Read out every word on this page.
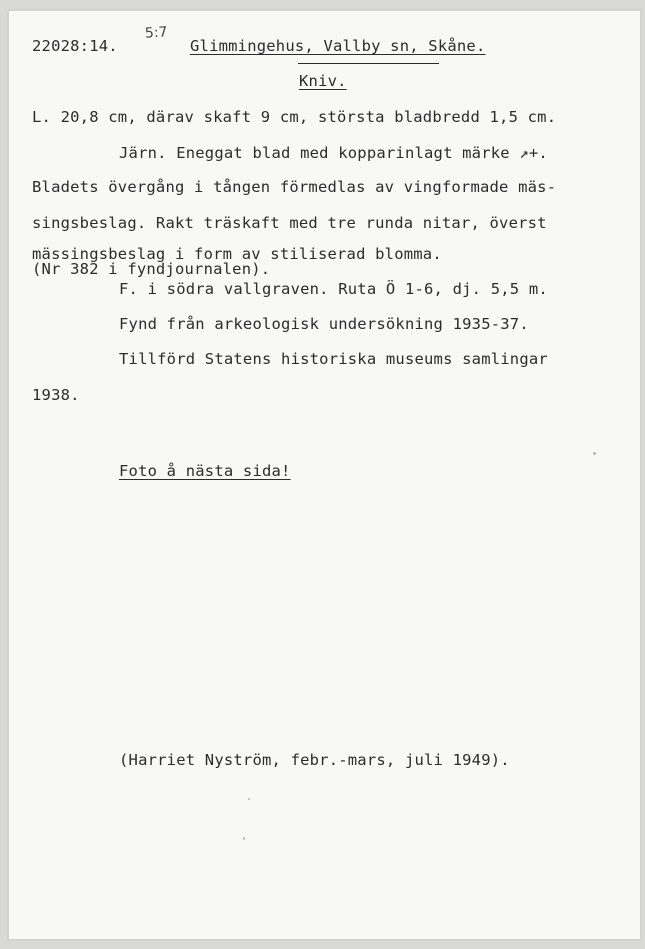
22028:14.
5:7
Glimmingehus, Vallby sn, Skåne.
Kniv.
L. 20,8 cm, därav skaft 9 cm, största bladbredd 1,5 cm.
Järn. Eneggat blad med kopparinlagt märke ↗+.
Bladets övergång i tången förmedlas av vingformade mäs-
singsbeslag. Rakt träskaft med tre runda nitar, överst
mässingsbeslag i form av stiliserad blomma.
(Nr 382 i fyndjournalen).
F. i södra vallgraven. Ruta Ö 1-6, dj. 5,5 m.
Fynd från arkeologisk undersökning 1935-37.
Tillförd Statens historiska museums samlingar
1938.
Foto å nästa sida!
(Harriet Nyström, febr.-mars, juli 1949).
